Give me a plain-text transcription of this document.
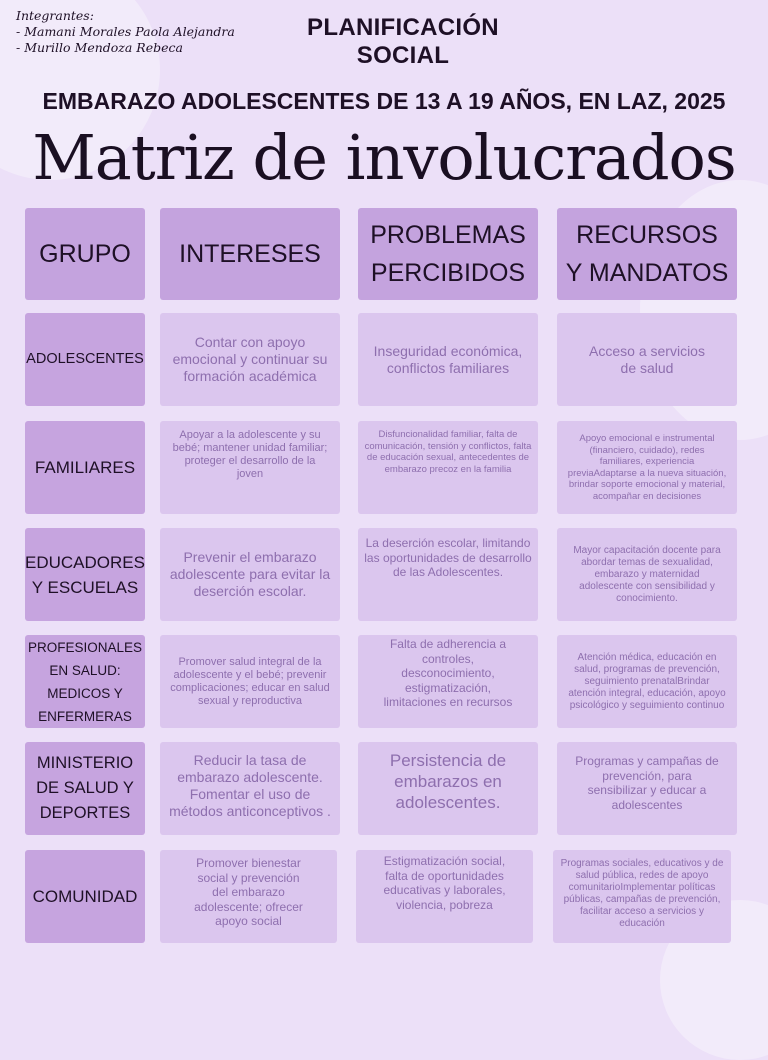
Integrantes:
- Mamani Morales Paola Alejandra
- Murillo Mendoza Rebeca
PLANIFICACIÓN SOCIAL
EMBARAZO ADOLESCENTES DE 13 A 19 AÑOS, EN LAZ, 2025
Matriz de involucrados
GRUPO	INTERESES
PROBLEMAS PERCIBIDOS
RECURSOS Y MANDATOS
ADOLESCENTES
Contar con apoyo emocional y continuar su formación académica
Inseguridad económica, conflictos familiares
Acceso a servicios de salud
FAMILIARES
Apoyar a la adolescente y su bebé; mantener unidad familiar; proteger el desarrollo de la joven
Disfuncionalidad familiar, falta de comunicación, tensión y conflictos, falta de educación sexual, antecedentes de embarazo precoz en la familia
Apoyo emocional e instrumental (financiero, cuidado), redes familiares, experiencia previaAdaptarse a la nueva situación, brindar soporte emocional y material, acompañar en decisiones
EDUCADORES Y ESCUELAS
Prevenir el embarazo adolescente para evitar la deserción escolar.
La deserción escolar, limitando las oportunidades de desarrollo de las Adolescentes.
Mayor capacitación docente para abordar temas de sexualidad, embarazo y maternidad adolescente con sensibilidad y conocimiento.
PROFESIONALES EN SALUD: MEDICOS Y ENFERMERAS
Promover salud integral de la adolescente y el bebé; prevenir complicaciones; educar en salud sexual y reproductiva
Falta de adherencia a controles, desconocimiento, estigmatización, limitaciones en recursos
Atención médica, educación en salud, programas de prevención, seguimiento prenatalBrindar atención integral, educación, apoyo psicológico y seguimiento continuo
MINISTERIO DE SALUD Y DEPORTES
Reducir la tasa de embarazo adolescente. Fomentar el uso de métodos anticonceptivos .
Persistencia de embarazos en adolescentes.
Programas y campañas de prevención, para sensibilizar y educar a adolescentes
COMUNIDAD
Promover bienestar social y prevención del embarazo adolescente; ofrecer apoyo social
Estigmatización social, falta de oportunidades educativas y laborales, violencia, pobreza
Programas sociales, educativos y de salud pública, redes de apoyo comunitarioImplementar políticas públicas, campañas de prevención, facilitar acceso a servicios y educación
